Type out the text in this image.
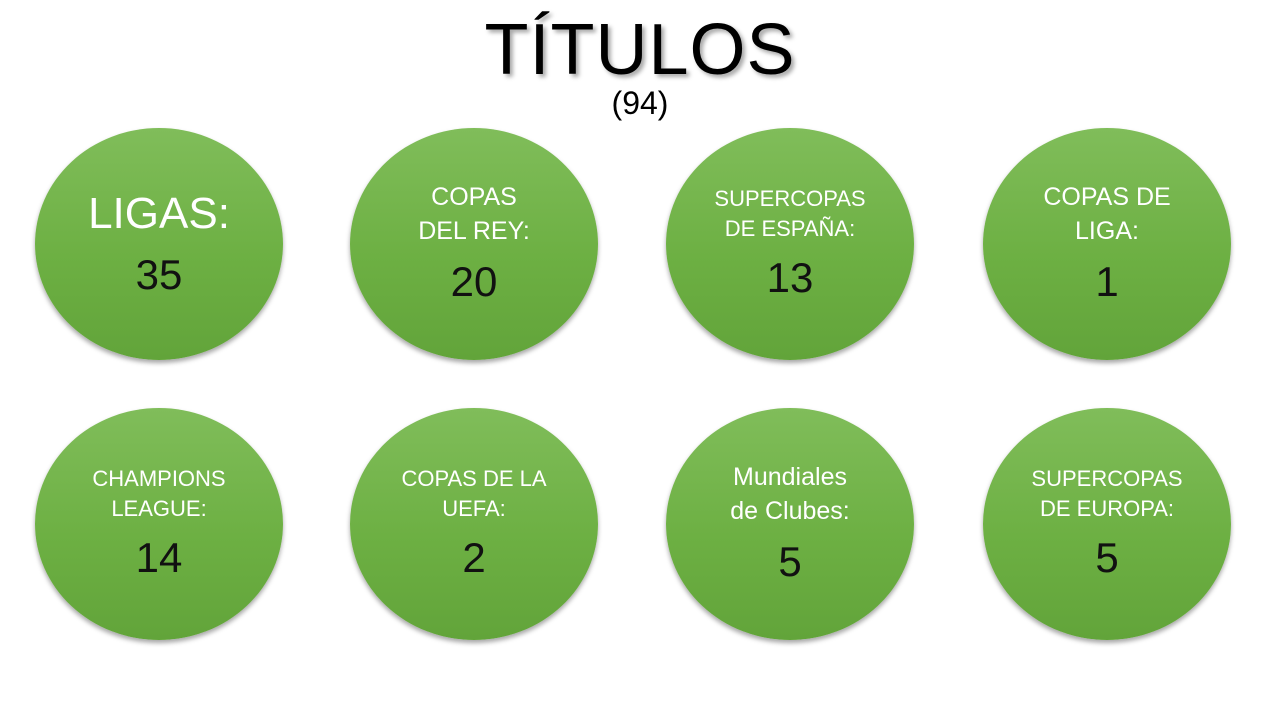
TÍTULOS
(94)
LIGAS:
35
COPAS
DEL REY:
20
SUPERCOPAS
DE ESPAÑA:
13
COPAS DE
LIGA:
1
CHAMPIONS
LEAGUE:
14
COPAS DE LA
UEFA:
2
Mundiales
de Clubes:
5
SUPERCOPAS
DE EUROPA:
5
